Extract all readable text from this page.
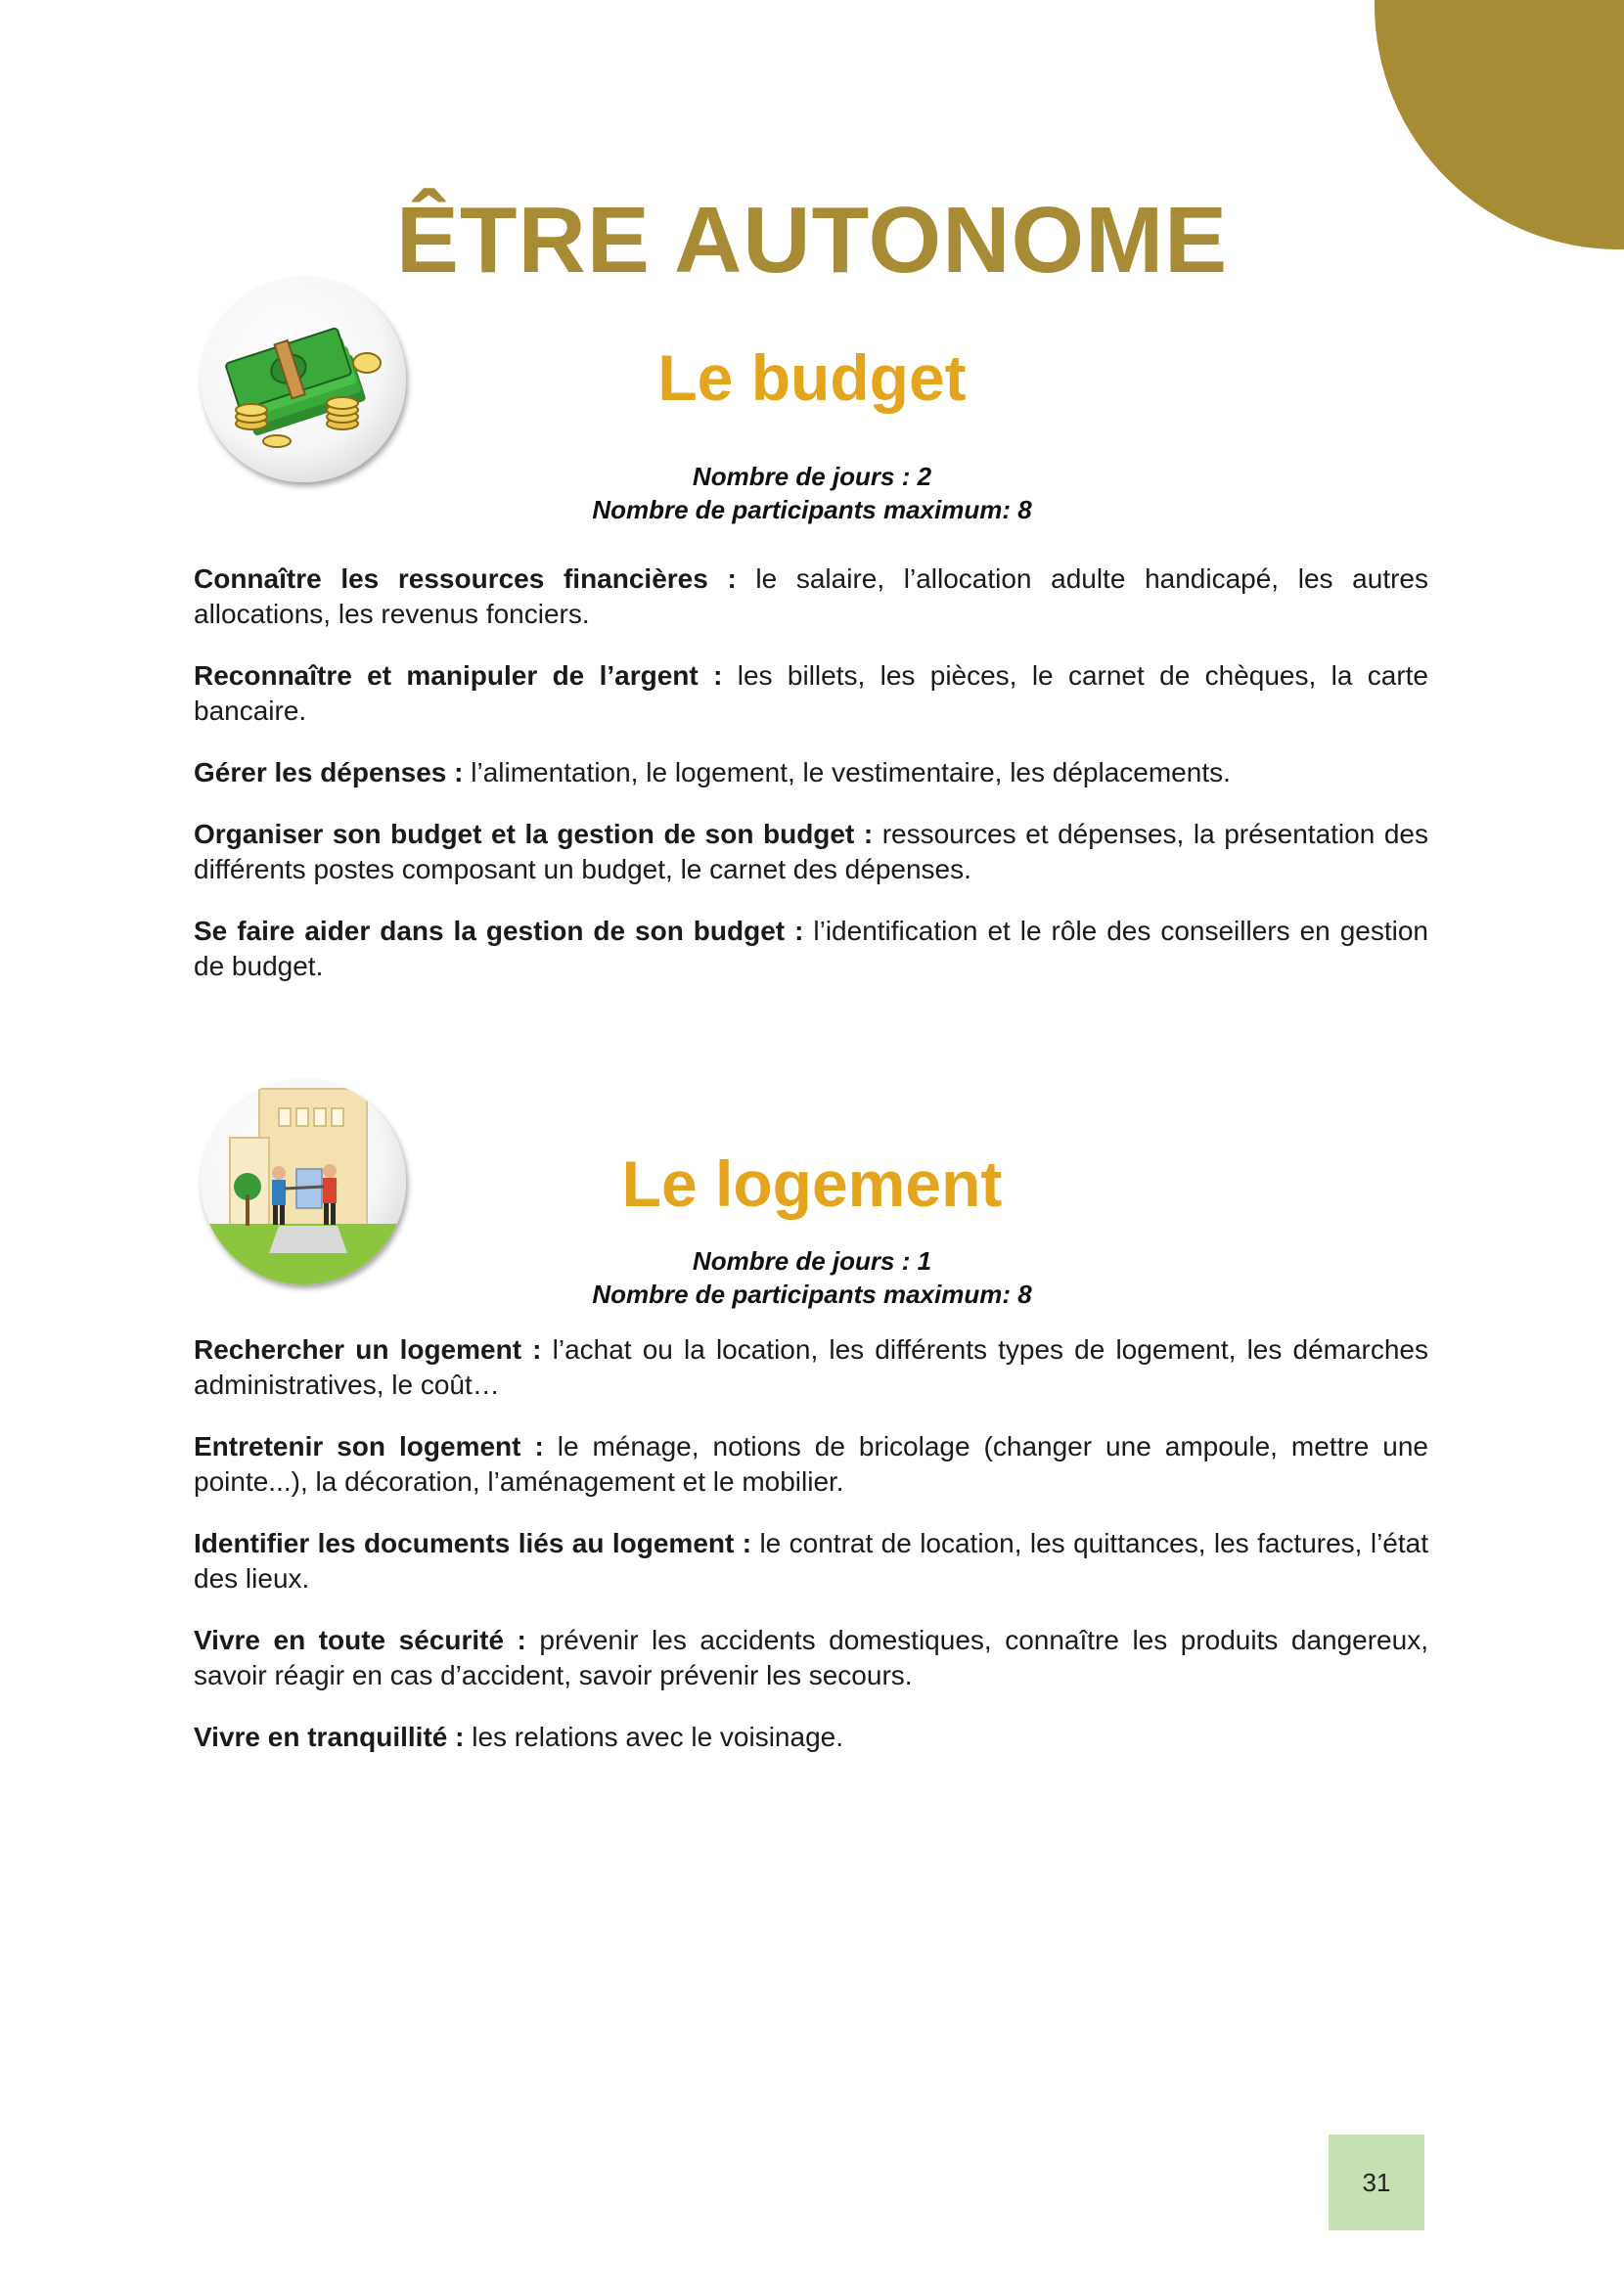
ÊTRE AUTONOME
Le budget
Nombre de jours : 2
Nombre de participants maximum: 8

Connaître les ressources financières : le salaire, l’allocation adulte handicapé, les autres allocations, les revenus fonciers.

Reconnaître et manipuler de l’argent : les billets, les pièces, le carnet de chèques, la carte bancaire.

Gérer les dépenses : l’alimentation, le logement, le vestimentaire, les déplacements.

Organiser son budget et la gestion de son budget : ressources et dépenses, la présentation des différents postes composant un budget, le carnet des dépenses.

Se faire aider dans la gestion de son budget : l’identification et le rôle des conseillers en gestion de budget.

Le logement
Nombre de jours : 1
Nombre de participants maximum: 8

Rechercher un logement : l’achat ou la location, les différents types de logement, les démarches administratives, le coût…

Entretenir son logement : le ménage, notions de bricolage (changer une ampoule, mettre une pointe...), la décoration, l’aménagement et le mobilier.

Identifier les documents liés au logement : le contrat de location, les quittances, les factures, l’état des lieux.

Vivre en toute sécurité : prévenir les accidents domestiques, connaître les produits dangereux, savoir réagir en cas d’accident, savoir prévenir les secours.

Vivre en tranquillité : les relations avec le voisinage.

31
